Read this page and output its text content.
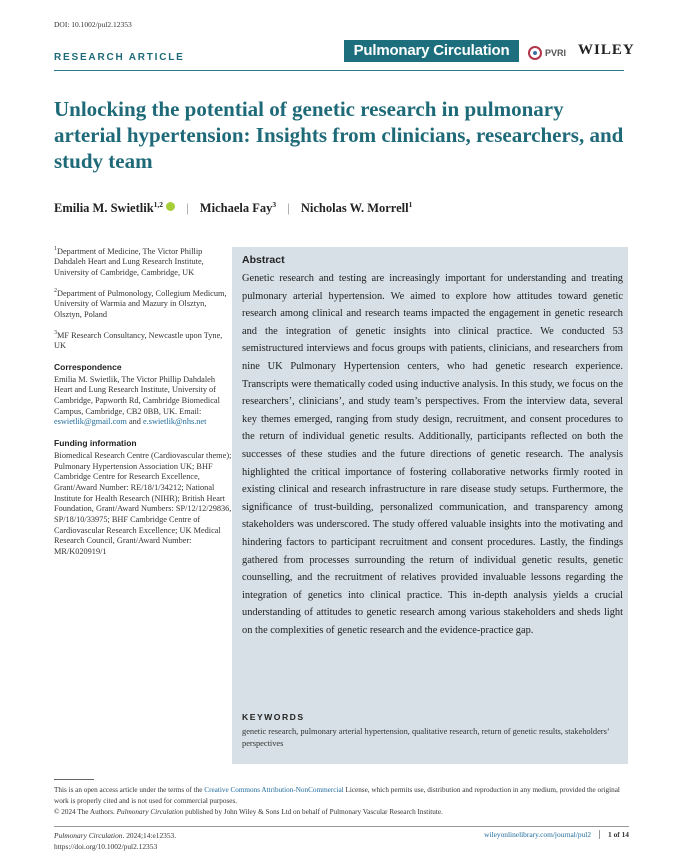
DOI: 10.1002/pul2.12353
RESEARCH ARTICLE	Pulmonary Circulation	PVRI WILEY
Unlocking the potential of genetic research in pulmonary arterial hypertension: Insights from clinicians, researchers, and study team
Emilia M. Swietlik$^{1,2}$ | Michaela Fay$^3$ | Nicholas W. Morrell$^1$

$^1$Department of Medicine, The Victor Phillip Dahdaleh Heart and Lung Research Institute, University of Cambridge, Cambridge, UK

$^2$Department of Pulmonology, Collegium Medicum, University of Warmia and Mazury in Olsztyn, Olsztyn, Poland

$^3$MF Research Consultancy, Newcastle upon Tyne, UK

Correspondence

Emilia M. Swietlik, The Victor Phillip Dahdaleh Heart and Lung Research Institute, University of Cambridge, Papworth Rd, Cambridge Biomedical Campus, Cambridge, CB2 0BB, UK. Email: eswietlik@gmail.com and e.swietlik@nhs.net

Funding information

Biomedical Research Centre (Cardiovascular theme); Pulmonary Hypertension Association UK; BHF Cambridge Centre for Research Excellence, Grant/Award Number: RE/18/1/34212; National Institute for Health Research (NIHR); British Heart Foundation, Grant/Award Numbers: SP/12/12/29836, SP/18/10/33975; BHF Cambridge Centre of Cardiovascular Research Excellence; UK Medical Research Council, Grant/Award Number: MR/K020919/1

Abstract
Genetic research and testing are increasingly important for understanding and treating pulmonary arterial hypertension. We aimed to explore how attitudes toward genetic research among clinical and research teams impacted the engagement in genetic research and the integration of genetic insights into clinical practice. We conducted 53 semistructured interviews and focus groups with patients, clinicians, and researchers from nine UK Pulmonary Hypertension centers, who had genetic research experience. Transcripts were thematically coded using inductive analysis. In this study, we focus on the researchers’, clinicians’, and study team’s perspectives. From the interview data, several key themes emerged, ranging from study design, recruitment, and consent procedures to the return of individual genetic results. Additionally, participants reflected on both the successes of these studies and the future directions of genetic research. The analysis highlighted the critical importance of fostering collaborative networks firmly rooted in existing clinical and research infrastructure in rare disease study setups. Furthermore, the significance of trust-building, personalized communication, and transparency among stakeholders was underscored. The study offered valuable insights into the motivating and hindering factors to participant recruitment and consent procedures. Lastly, the findings gathered from processes surrounding the return of individual genetic results, genetic counselling, and the recruitment of relatives provided invaluable lessons regarding the integration of genetics into clinical practice. This in-depth analysis yields a crucial understanding of attitudes to genetic research among various stakeholders and sheds light on the complexities of genetic research and the evidence-practice gap.
KEYWORDS
genetic research, pulmonary arterial hypertension, qualitative research, return of genetic results, stakeholders’ perspectives
This is an open access article under the terms of the Creative Commons Attribution-NonCommercial License, which permits use, distribution and reproduction in any medium, provided the original work is properly cited and is not used for commercial purposes.
© 2024 The Authors. Pulmonary Circulation published by John Wiley & Sons Ltd on behalf of Pulmonary Vascular Research Institute.
Pulmonary Circulation. 2024;14:e12353.
https://doi.org/10.1002/pul2.12353
wileyonlinelibrary.com/journal/pul2 1 of 14
